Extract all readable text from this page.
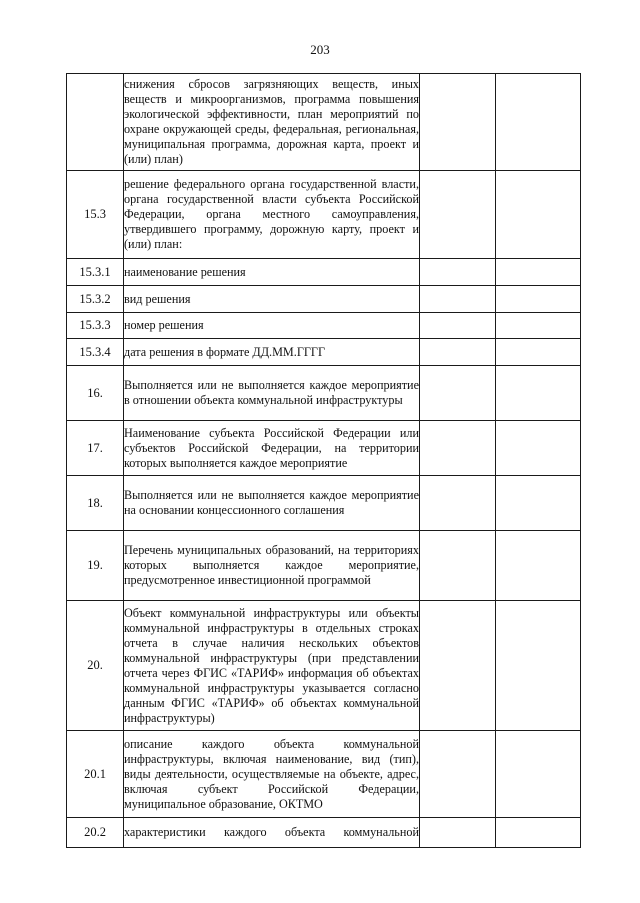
203
	снижения сбросов загрязняющих веществ, иных веществ и микроорганизмов, программа повышения экологической эффективности, план мероприятий по охране окружающей среды, федеральная, региональная, муниципальная программа, дорожная карта, проект и (или) план)		
15.3	решение федерального органа государственной власти, органа государственной власти субъекта Российской Федерации, органа местного самоуправления, утвердившего программу, дорожную карту, проект и (или) план:		
15.3.1	наименование решения		
15.3.2	вид решения		
15.3.3	номер решения		
15.3.4	дата решения в формате ДД.ММ.ГГГГ		
16.	Выполняется или не выполняется каждое мероприятие в отношении объекта коммунальной инфраструктуры		
17.	Наименование субъекта Российской Федерации или субъектов Российской Федерации, на территории которых выполняется каждое мероприятие		
18.	Выполняется или не выполняется каждое мероприятие на основании концессионного соглашения		
19.	Перечень муниципальных образований, на территориях которых выполняется каждое мероприятие, предусмотренное инвестиционной программой		
20.	Объект коммунальной инфраструктуры или объекты коммунальной инфраструктуры в отдельных строках отчета в случае наличия нескольких объектов коммунальной инфраструктуры (при представлении отчета через ФГИС «ТАРИФ» информация об объектах коммунальной инфраструктуры указывается согласно данным ФГИС «ТАРИФ» об объектах коммунальной инфраструктуры)		
20.1	описание каждого объекта коммунальной инфраструктуры, включая наименование, вид (тип), виды деятельности, осуществляемые на объекте, адрес, включая субъект Российской Федерации, муниципальное образование, ОКТМО		
20.2	характеристики каждого объекта коммунальной		
